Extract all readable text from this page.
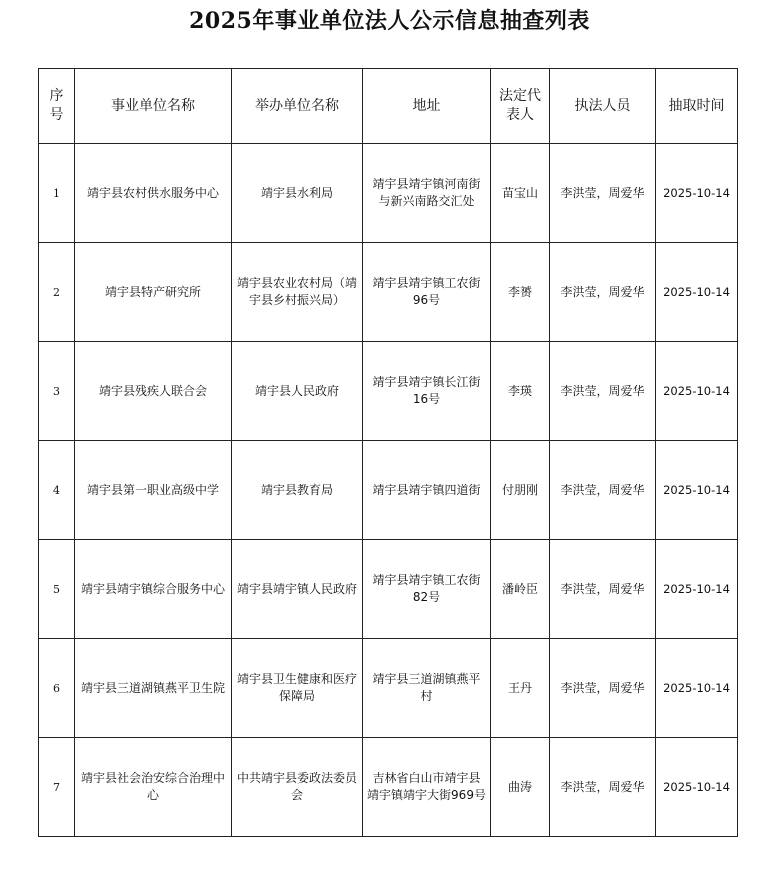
2025年事业单位法人公示信息抽查列表
序号	事业单位名称	举办单位名称	地址	法定代表人	执法人员	抽取时间
1	靖宇县农村供水服务中心	靖宇县水利局	靖宇县靖宇镇河南街与新兴南路交汇处	苗宝山	李洪莹，周爱华	2025-10-14
2	靖宇县特产研究所	靖宇县农业农村局（靖宇县乡村振兴局）	靖宇县靖宇镇工农街96号	李赟	李洪莹，周爱华	2025-10-14
3	靖宇县残疾人联合会	靖宇县人民政府	靖宇县靖宇镇长江街16号	李瑛	李洪莹，周爱华	2025-10-14
4	靖宇县第一职业高级中学	靖宇县教育局	靖宇县靖宇镇四道街	付朋刚	李洪莹，周爱华	2025-10-14
5	靖宇县靖宇镇综合服务中心	靖宇县靖宇镇人民政府	靖宇县靖宇镇工农街82号	潘岭臣	李洪莹，周爱华	2025-10-14
6	靖宇县三道湖镇燕平卫生院	靖宇县卫生健康和医疗保障局	靖宇县三道湖镇燕平村	王丹	李洪莹，周爱华	2025-10-14
7	靖宇县社会治安综合治理中心	中共靖宇县委政法委员会	吉林省白山市靖宇县靖宇镇靖宇大街969号	曲涛	李洪莹，周爱华	2025-10-14
